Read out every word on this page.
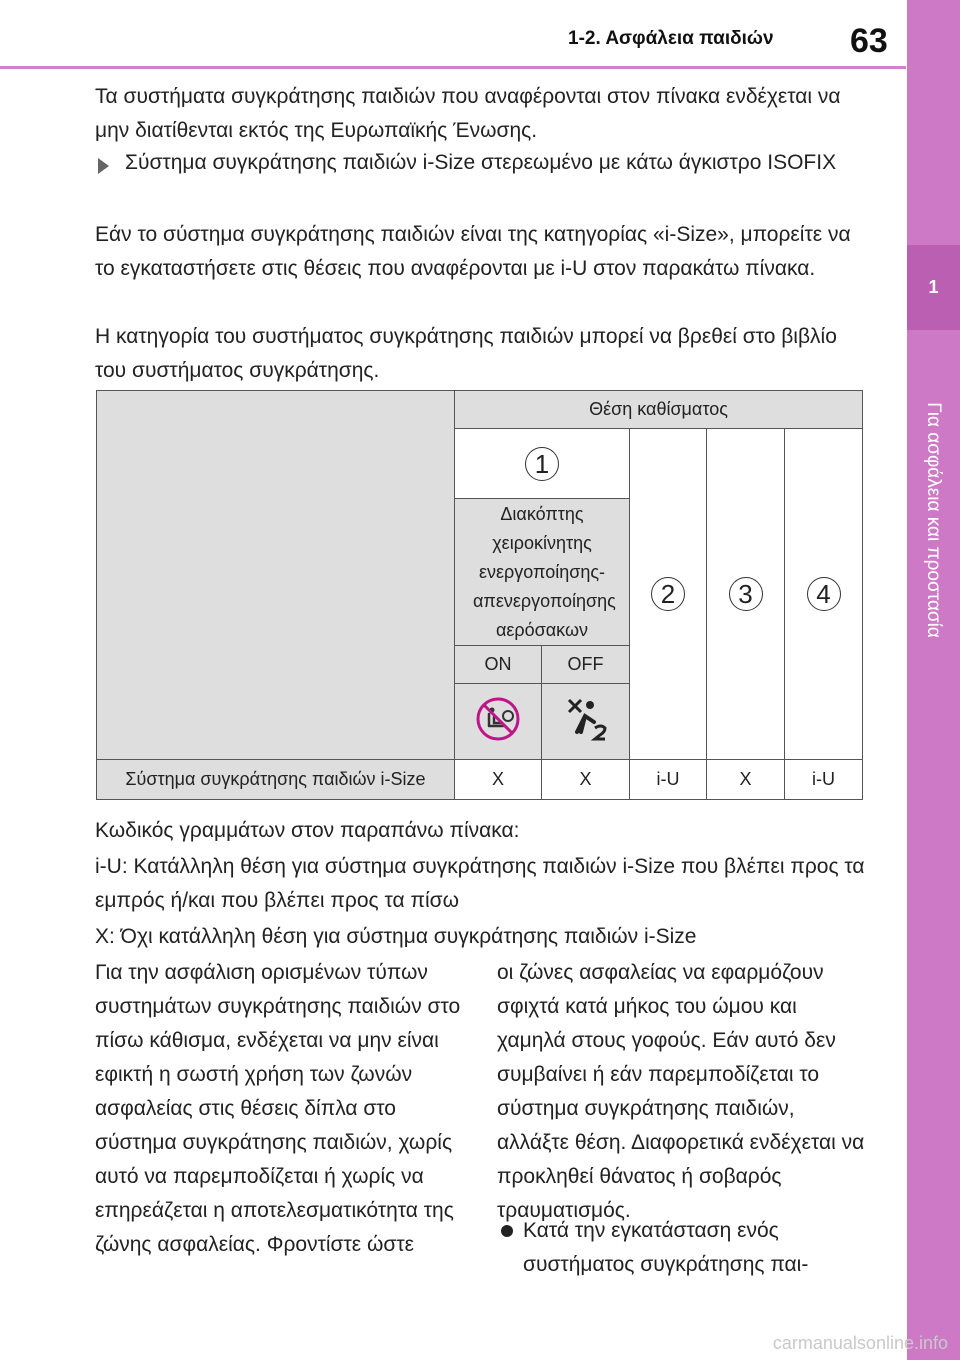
1-2. Ασφάλεια παιδιών 63
1
Για ασφάλεια και προστασία

Τα συστήματα συγκράτησης παιδιών που αναφέρονται στον πίνακα ενδέχεται να μην διατίθενται εκτός της Ευρωπαϊκής Ένωσης.

Σύστημα συγκράτησης παιδιών i-Size στερεωμένο με κάτω άγκιστρο ISOFIX

Εάν το σύστημα συγκράτησης παιδιών είναι της κατηγορίας «i-Size», μπορείτε να το εγκαταστήσετε στις θέσεις που αναφέρονται με i-U στον παρακάτω πίνακα.

Η κατηγορία του συστήματος συγκράτησης παιδιών μπορεί να βρεθεί στο βιβλίο του συστήματος συγκράτησης.

	Θέση καθίσματος				
	1		2	3	4
	Διακόπτης χειροκίνητης ενεργοποίησης-απενεργοποίησης αερόσακων				
	ON	OFF			

Σύστημα συγκράτησης παιδιών i-Size	X	X	i-U	X	i-U

Κωδικός γραμμάτων στον παραπάνω πίνακα:

i-U: Κατάλληλη θέση για σύστημα συγκράτησης παιδιών i-Size που βλέπει προς τα εμπρός ή/και που βλέπει προς τα πίσω

Χ: Όχι κατάλληλη θέση για σύστημα συγκράτησης παιδιών i-Size

Για την ασφάλιση ορισμένων τύπων συστημάτων συγκράτησης παιδιών στο πίσω κάθισμα, ενδέχεται να μην είναι εφικτή η σωστή χρήση των ζωνών ασφαλείας στις θέσεις δίπλα στο σύστημα συγκράτησης παιδιών, χωρίς αυτό να παρεμποδίζεται ή χωρίς να επηρεάζεται η αποτελεσματικότητα της ζώνης ασφαλείας. Φροντίστε ώστε

οι ζώνες ασφαλείας να εφαρμόζουν σφιχτά κατά μήκος του ώμου και χαμηλά στους γοφούς. Εάν αυτό δεν συμβαίνει ή εάν παρεμποδίζεται το σύστημα συγκράτησης παιδιών, αλλάξτε θέση. Διαφορετικά ενδέχεται να προκληθεί θάνατος ή σοβαρός τραυματισμός.

Κατά την εγκατάσταση ενός συστήματος συγκράτησης παι-

carmanualsonline.info
